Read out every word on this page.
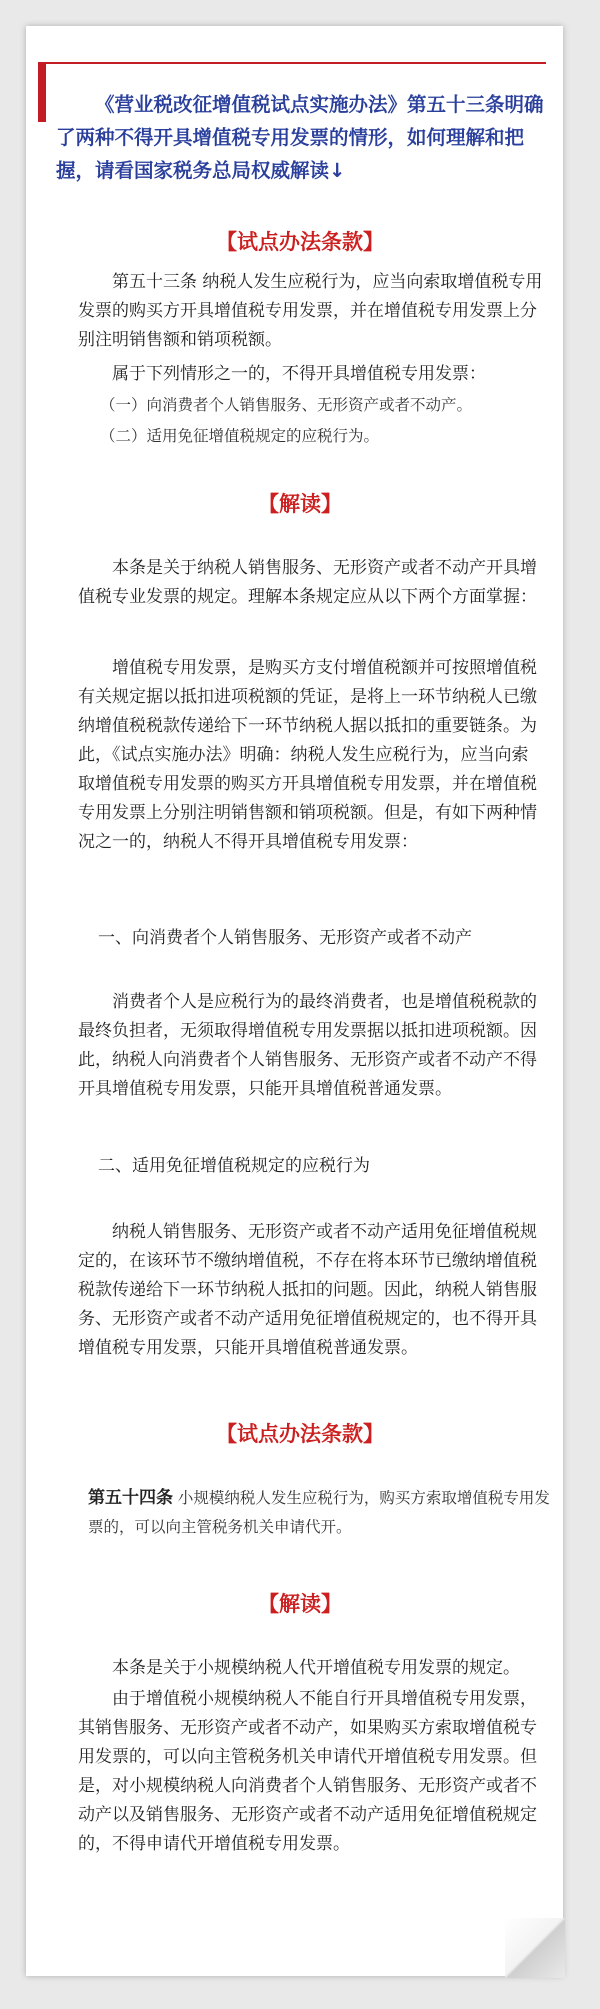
《营业税改征增值税试点实施办法》第五十三条明确了两种不得开具增值税专用发票的情形，如何理解和把握，请看国家税务总局权威解读↓

【试点办法条款】

第五十三条 纳税人发生应税行为，应当向索取增值税专用发票的购买方开具增值税专用发票，并在增值税专用发票上分别注明销售额和销项税额。

属于下列情形之一的，不得开具增值税专用发票：

（一）向消费者个人销售服务、无形资产或者不动产。

（二）适用免征增值税规定的应税行为。

【解读】

本条是关于纳税人销售服务、无形资产或者不动产开具增值税专业发票的规定。理解本条规定应从以下两个方面掌握：

增值税专用发票，是购买方支付增值税额并可按照增值税有关规定据以抵扣进项税额的凭证，是将上一环节纳税人已缴纳增值税税款传递给下一环节纳税人据以抵扣的重要链条。为此，《试点实施办法》明确：纳税人发生应税行为，应当向索取增值税专用发票的购买方开具增值税专用发票，并在增值税专用发票上分别注明销售额和销项税额。但是，有如下两种情况之一的，纳税人不得开具增值税专用发票：

一、向消费者个人销售服务、无形资产或者不动产

消费者个人是应税行为的最终消费者，也是增值税税款的最终负担者，无须取得增值税专用发票据以抵扣进项税额。因此，纳税人向消费者个人销售服务、无形资产或者不动产不得开具增值税专用发票，只能开具增值税普通发票。

二、适用免征增值税规定的应税行为

纳税人销售服务、无形资产或者不动产适用免征增值税规定的，在该环节不缴纳增值税，不存在将本环节已缴纳增值税税款传递给下一环节纳税人抵扣的问题。因此，纳税人销售服务、无形资产或者不动产适用免征增值税规定的，也不得开具增值税专用发票，只能开具增值税普通发票。

【试点办法条款】

第五十四条 小规模纳税人发生应税行为，购买方索取增值税专用发票的，可以向主管税务机关申请代开。

【解读】

本条是关于小规模纳税人代开增值税专用发票的规定。

由于增值税小规模纳税人不能自行开具增值税专用发票，其销售服务、无形资产或者不动产，如果购买方索取增值税专用发票的，可以向主管税务机关申请代开增值税专用发票。但是，对小规模纳税人向消费者个人销售服务、无形资产或者不动产以及销售服务、无形资产或者不动产适用免征增值税规定的，不得申请代开增值税专用发票。
